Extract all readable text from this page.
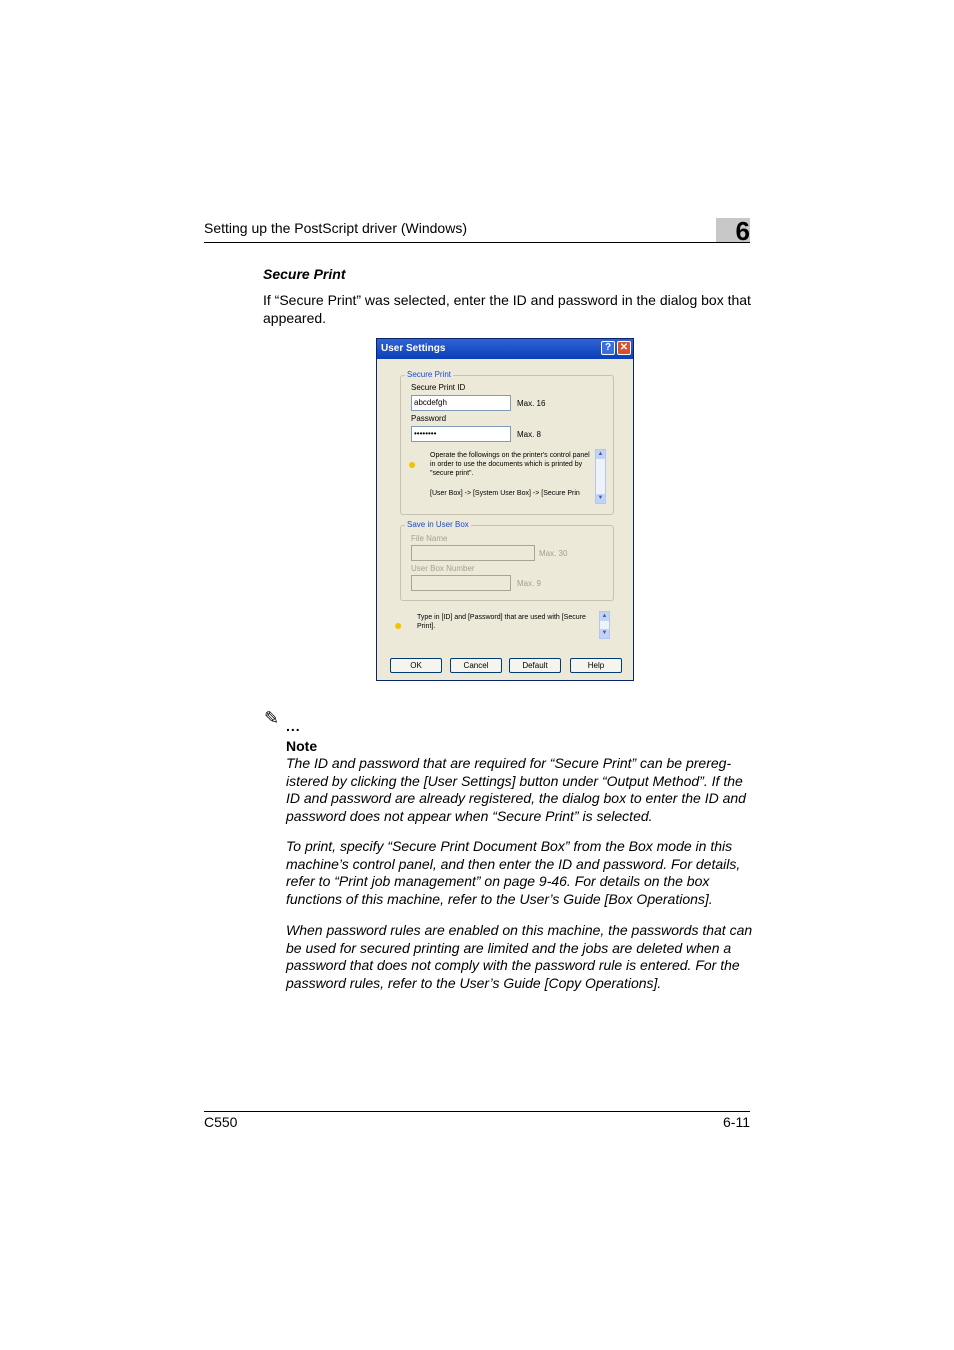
Setting up the PostScript driver (Windows)	6
Secure Print
If “Secure Print” was selected, enter the ID and password in the dialog box that appeared.
User Settings	? ✕
Secure Print
Secure Print ID
abcdefgh	Max. 16
Password
••••••••	Max. 8
●
Operate the followings on the printer's control panel in order to use the documents which is printed by "secure print".
[User Box] -> [System User Box] -> [Secure Prin
▲
▼
Save in User Box
File Name
Max. 30
User Box Number
Max. 9
● Type in [ID] and [Password] that are used with [Secure Print].
▲
▼
OK	Cancel	Default	Help
✎ ...
Note
The ID and password that are required for “Secure Print” can be prereg-istered by clicking the [User Settings] button under “Output Method”. If the ID and password are already registered, the dialog box to enter the ID and password does not appear when “Secure Print” is selected.
To print, specify “Secure Print Document Box” from the Box mode in this machine’s control panel, and then enter the ID and password. For details, refer to “Print job management” on page 9-46. For details on the box functions of this machine, refer to the User’s Guide [Box Operations].
When password rules are enabled on this machine, the passwords that can be used for secured printing are limited and the jobs are deleted when a password that does not comply with the password rule is entered. For the password rules, refer to the User’s Guide [Copy Operations].
C550	6-11
